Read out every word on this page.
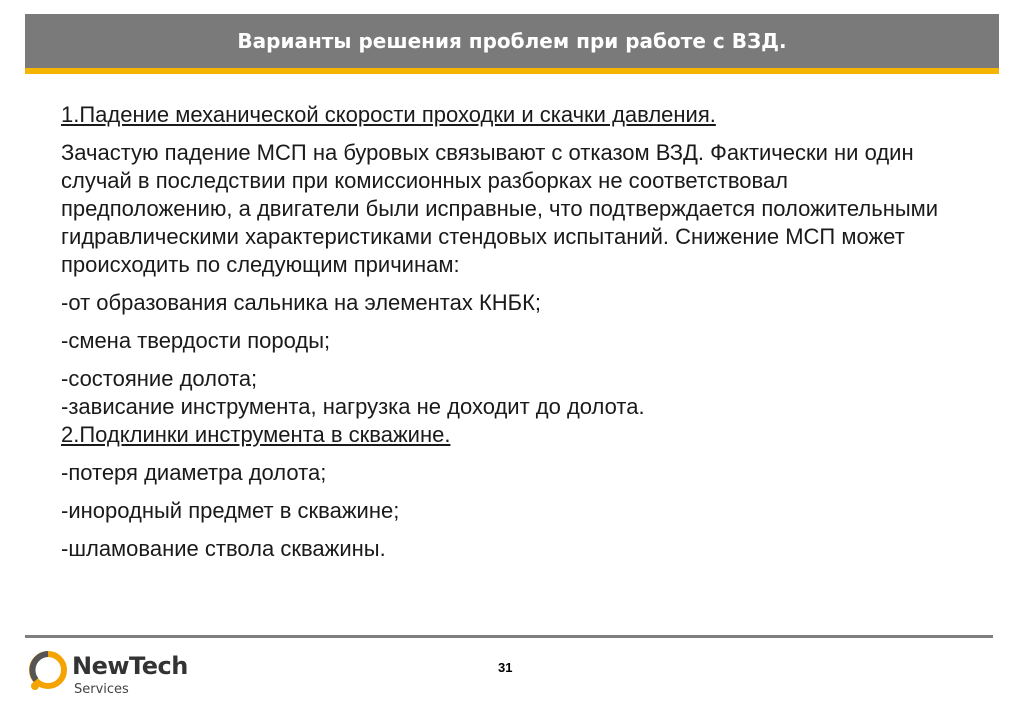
Варианты решения проблем при работе с ВЗД.

1.Падение механической скорости проходки и скачки давления.

Зачастую падение МСП на буровых связывают с отказом ВЗД. Фактически ни один случай в последствии при комиссионных разборках не соответствовал предположению, а двигатели были исправные, что подтверждается положительными гидравлическими характеристиками стендовых испытаний. Снижение МСП может происходить по следующим причинам:

-от образования сальника на элементах КНБК;

-смена твердости породы;

-состояние долота;

-зависание инструмента, нагрузка не доходит до долота.

2.Подклинки инструмента в скважине.

-потеря диаметра долота;

-инородный предмет в скважине;

-шламование ствола скважины.

NewTech
Services
31
